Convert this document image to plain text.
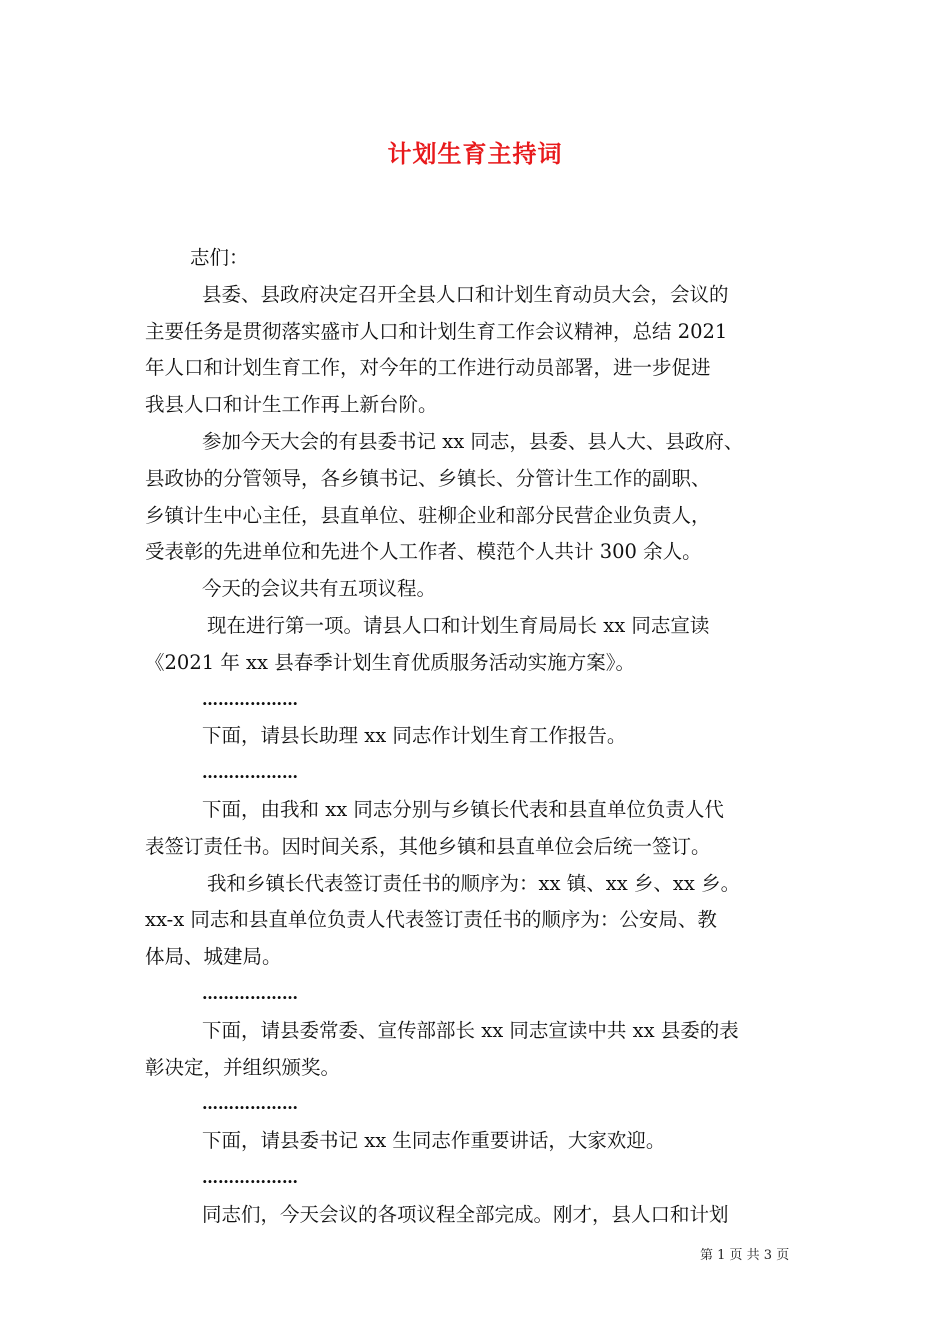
计划生育主持词

志们：

县委、县政府决定召开全县人口和计划生育动员大会，会议的

主要任务是贯彻落实盛市人口和计划生育工作会议精神，总结 2021

年人口和计划生育工作，对今年的工作进行动员部署，进一步促进

我县人口和计生工作再上新台阶。

参加今天大会的有县委书记 xx 同志，县委、县人大、县政府、

县政协的分管领导，各乡镇书记、乡镇长、分管计生工作的副职、

乡镇计生中心主任，县直单位、驻柳企业和部分民营企业负责人，

受表彰的先进单位和先进个人工作者、模范个人共计 300 余人。

今天的会议共有五项议程。

现在进行第一项。请县人口和计划生育局局长 xx 同志宣读

《2021 年 xx 县春季计划生育优质服务活动实施方案》。

………………

下面，请县长助理 xx 同志作计划生育工作报告。

………………

下面，由我和 xx 同志分别与乡镇长代表和县直单位负责人代

表签订责任书。因时间关系，其他乡镇和县直单位会后统一签订。

我和乡镇长代表签订责任书的顺序为：xx 镇、xx 乡、xx 乡。

xx-x 同志和县直单位负责人代表签订责任书的顺序为：公安局、教

体局、城建局。

………………

下面，请县委常委、宣传部部长 xx 同志宣读中共 xx 县委的表

彰决定，并组织颁奖。

………………

下面，请县委书记 xx 生同志作重要讲话，大家欢迎。

………………

同志们，今天会议的各项议程全部完成。刚才，县人口和计划

第 1 页 共 3 页
